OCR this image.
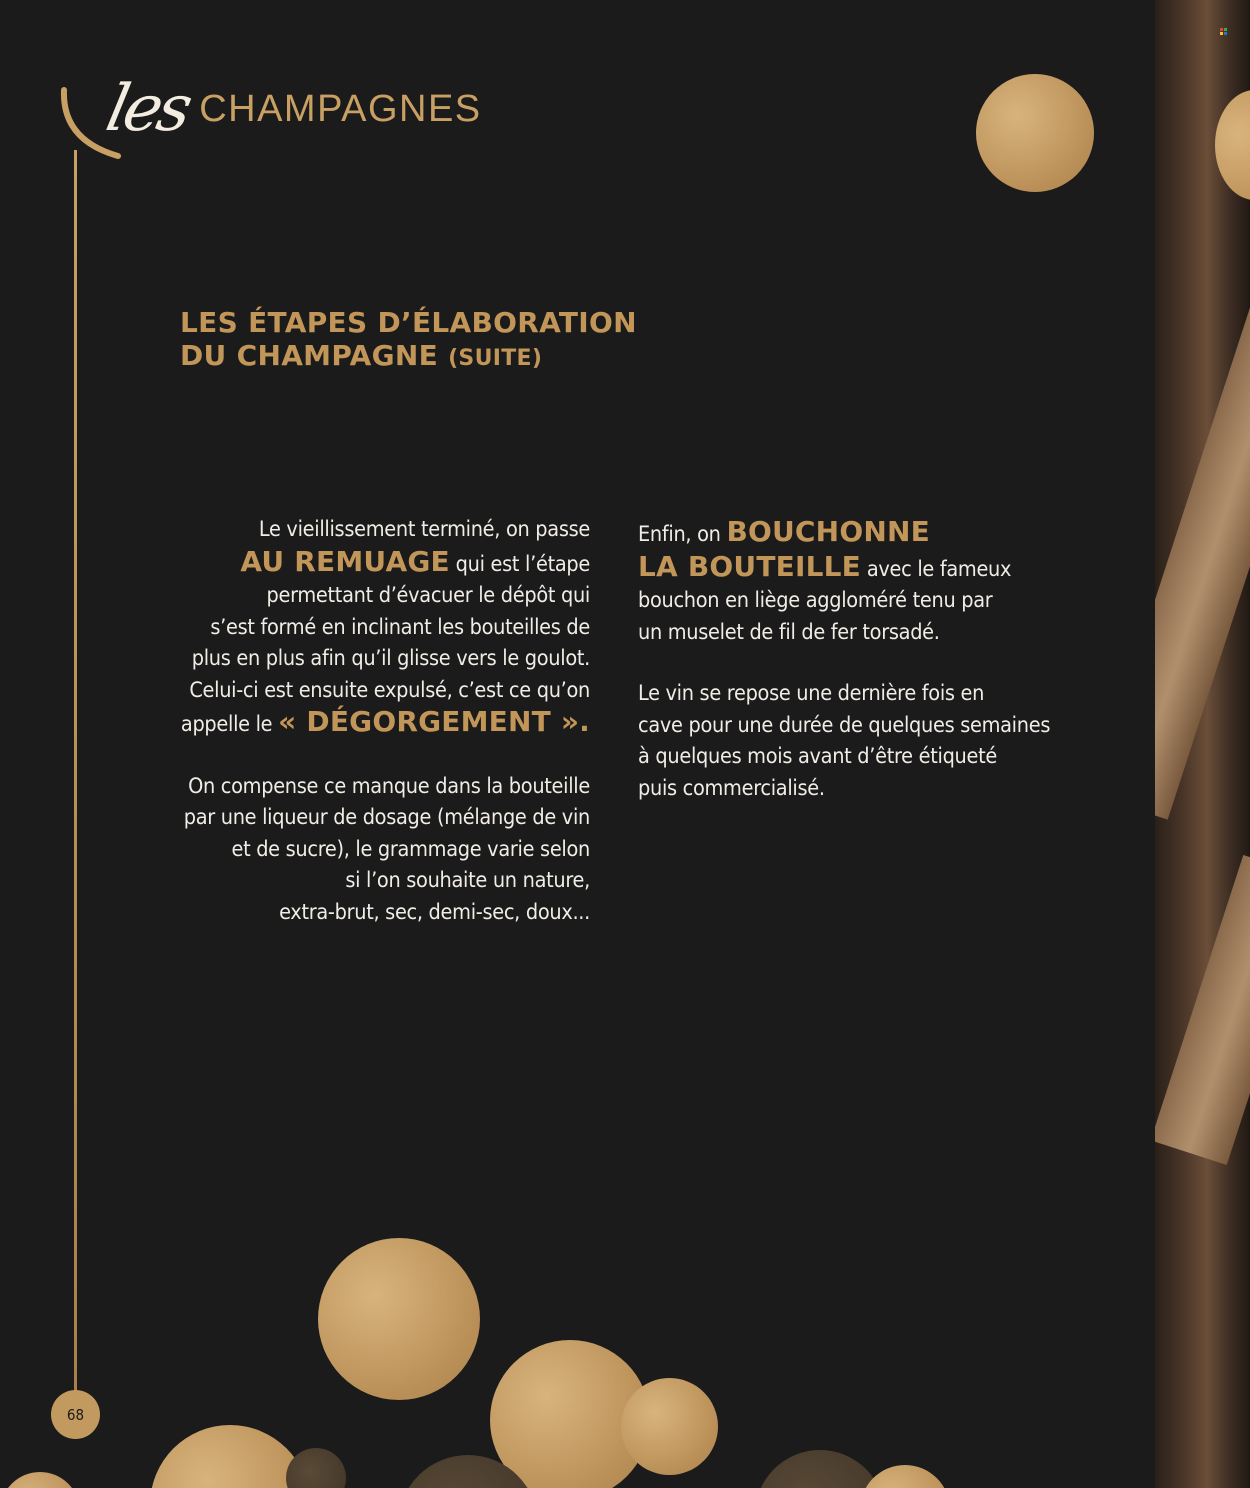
les CHAMPAGNES
LES ÉTAPES D’ÉLABORATION
DU CHAMPAGNE (SUITE)

Le vieillissement terminé, on passe
AU REMUAGE qui est l’étape
permettant d’évacuer le dépôt qui
s’est formé en inclinant les bouteilles de
plus en plus afin qu’il glisse vers le goulot.
Celui-ci est ensuite expulsé, c’est ce qu’on
appelle le « DÉGORGEMENT ».

On compense ce manque dans la bouteille
par une liqueur de dosage (mélange de vin
et de sucre), le grammage varie selon
si l’on souhaite un nature,
extra-brut, sec, demi-sec, doux...

Enfin, on BOUCHONNE
LA BOUTEILLE avec le fameux
bouchon en liège aggloméré tenu par
un muselet de fil de fer torsadé.

Le vin se repose une dernière fois en
cave pour une durée de quelques semaines
à quelques mois avant d’être étiqueté
puis commercialisé.

68
